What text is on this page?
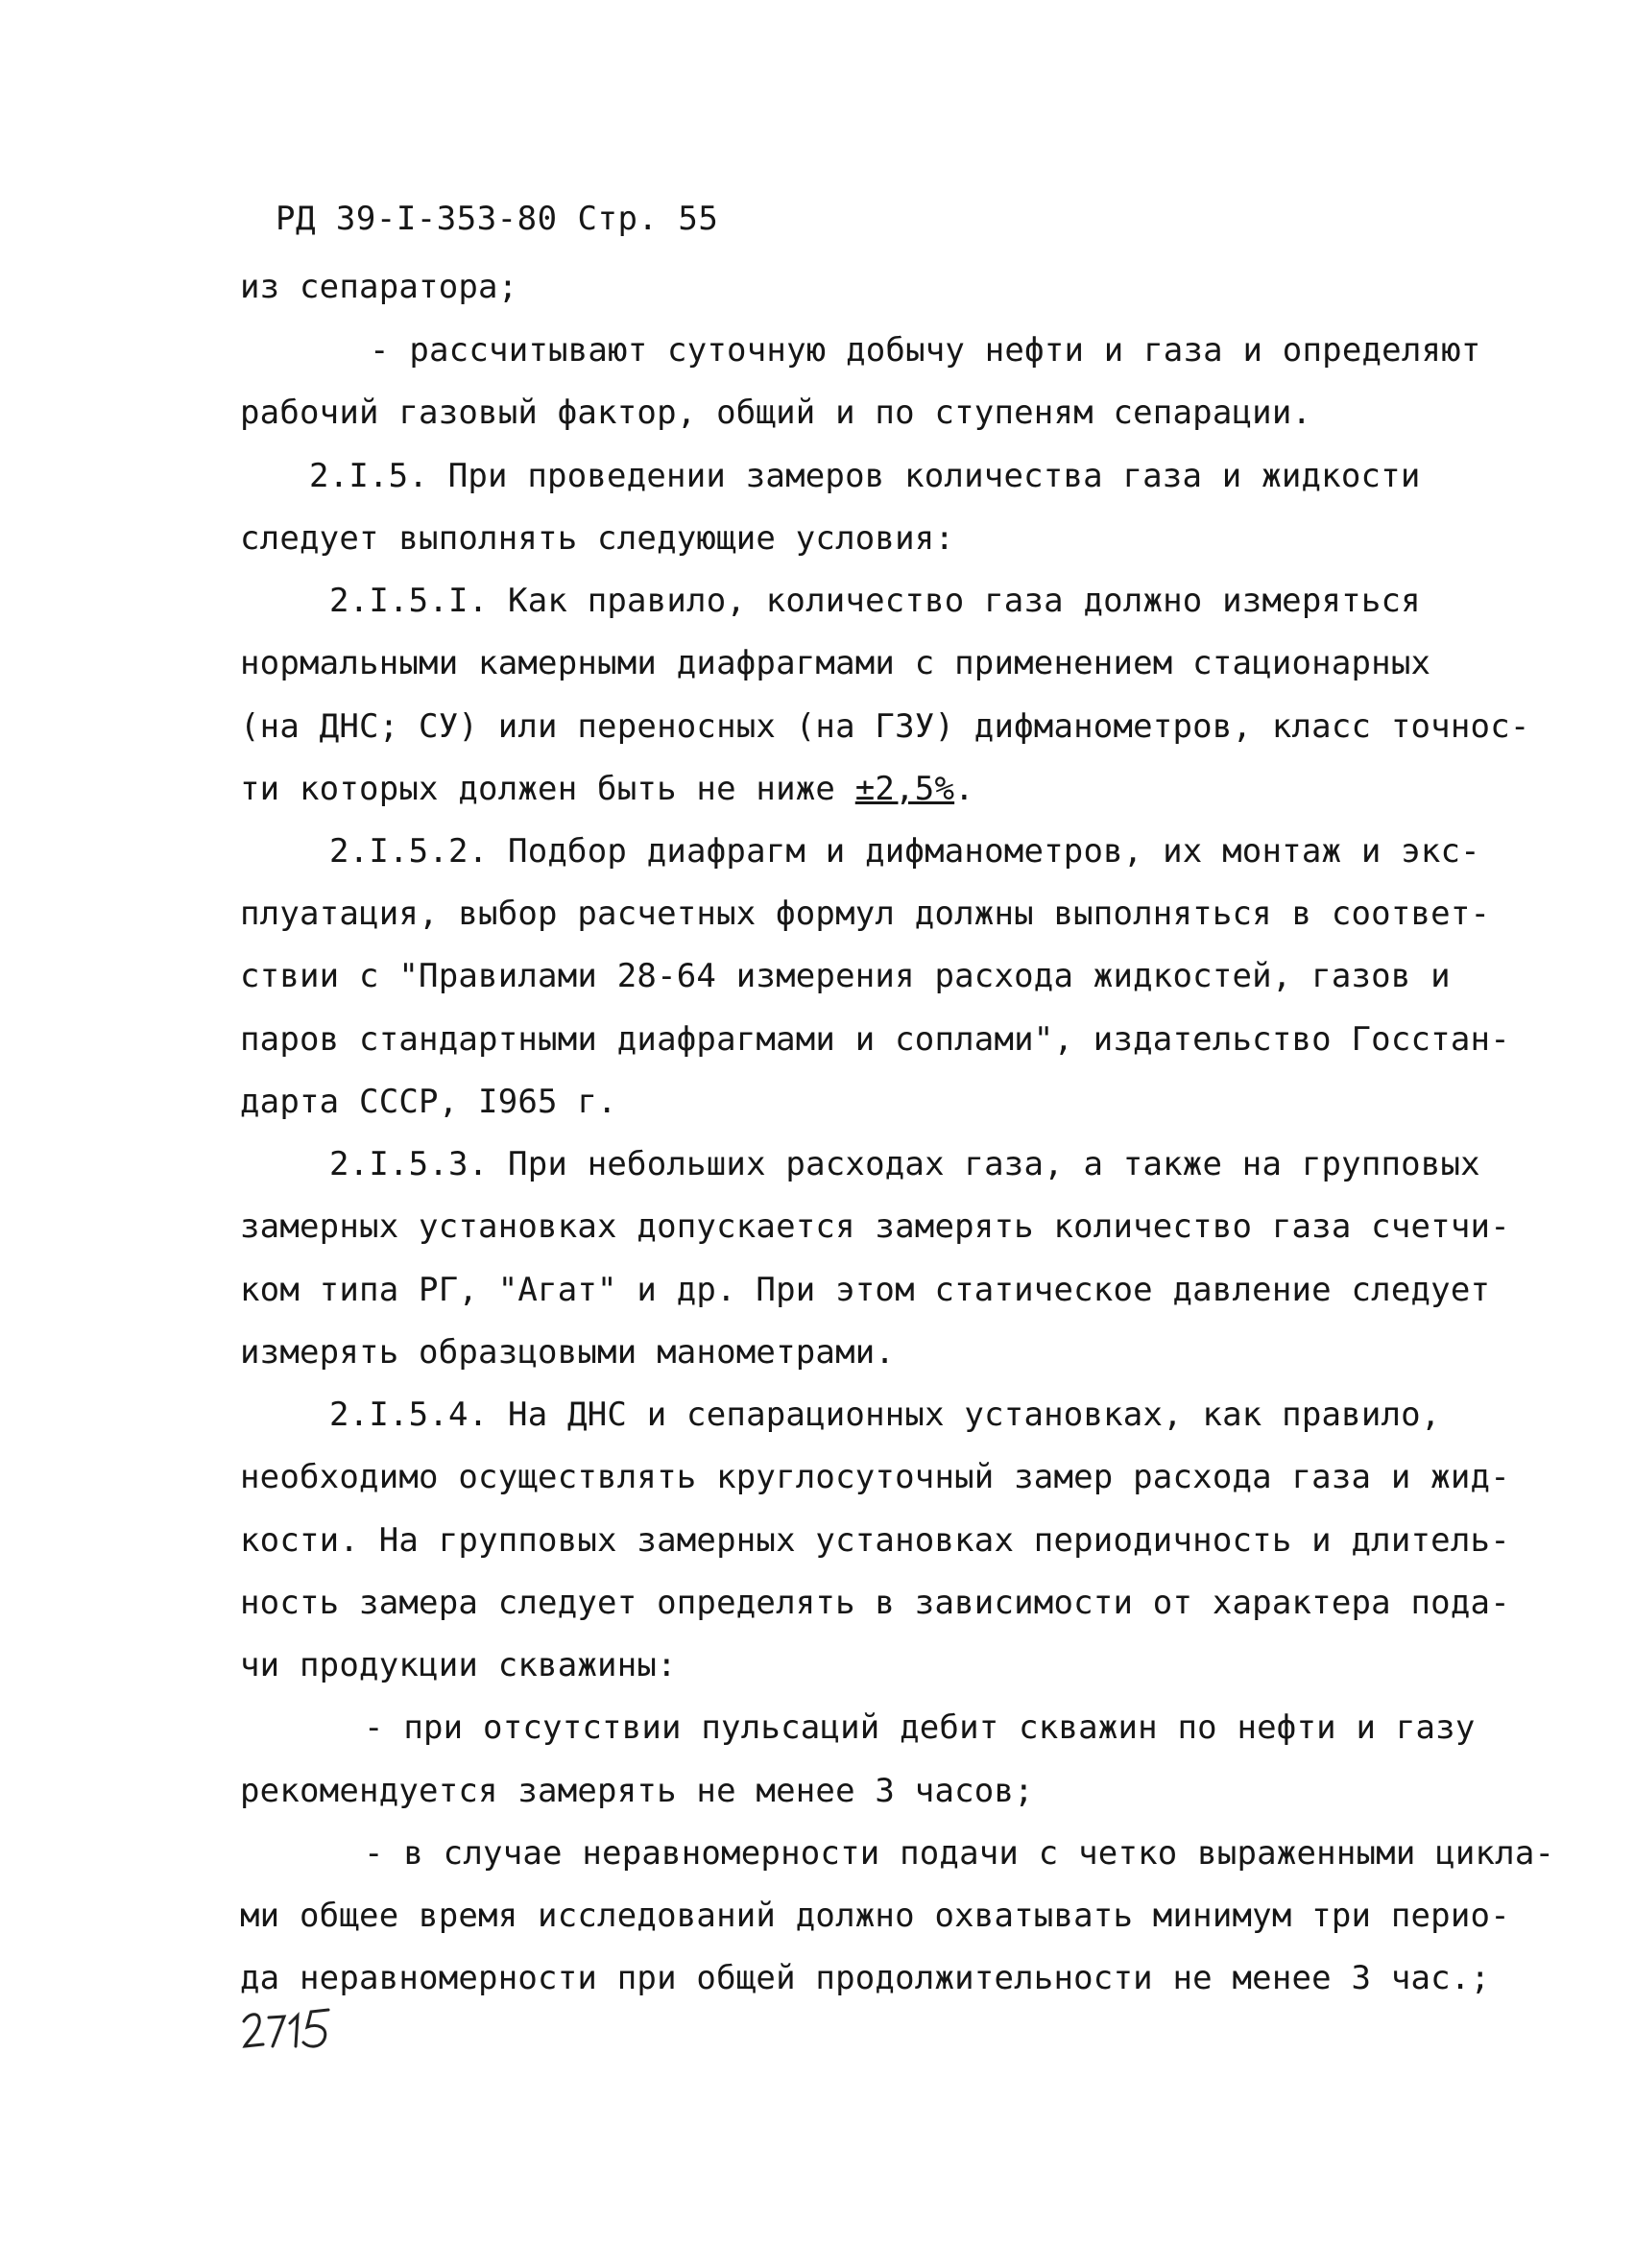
РД 39-I-353-80 Стр. 55
из сепаратора;
- рассчитывают суточную добычу нефти и газа и определяют
рабочий газовый фактор, общий и по ступеням сепарации.
2.I.5. При проведении замеров количества газа и жидкости
следует выполнять следующие условия:
2.I.5.I. Как правило, количество газа должно измеряться
нормальными камерными диафрагмами с применением стационарных
(на ДНС; СУ) или переносных (на ГЗУ) дифманометров, класс точнос-
ти которых должен быть не ниже ±2,5%.
2.I.5.2. Подбор диафрагм и дифманометров, их монтаж и экс-
плуатация, выбор расчетных формул должны выполняться в соответ-
ствии с "Правилами 28-64 измерения расхода жидкостей, газов и
паров стандартными диафрагмами и соплами", издательство Госстан-
дарта СССР, I965 г.
2.I.5.3. При небольших расходах газа, а также на групповых
замерных установках допускается замерять количество газа счетчи-
ком типа РГ, "Агат" и др. При этом статическое давление следует
измерять образцовыми манометрами.
2.I.5.4. На ДНС и сепарационных установках, как правило,
необходимо осуществлять круглосуточный замер расхода газа и жид-
кости. На групповых замерных установках периодичность и длитель-
ность замера следует определять в зависимости от характера пода-
чи продукции скважины:
- при отсутствии пульсаций дебит скважин по нефти и газу
рекомендуется замерять не менее 3 часов;
- в случае неравномерности подачи с четко выраженными цикла-
ми общее время исследований должно охватывать минимум три перио-
да неравномерности при общей продолжительности не менее 3 час.;
